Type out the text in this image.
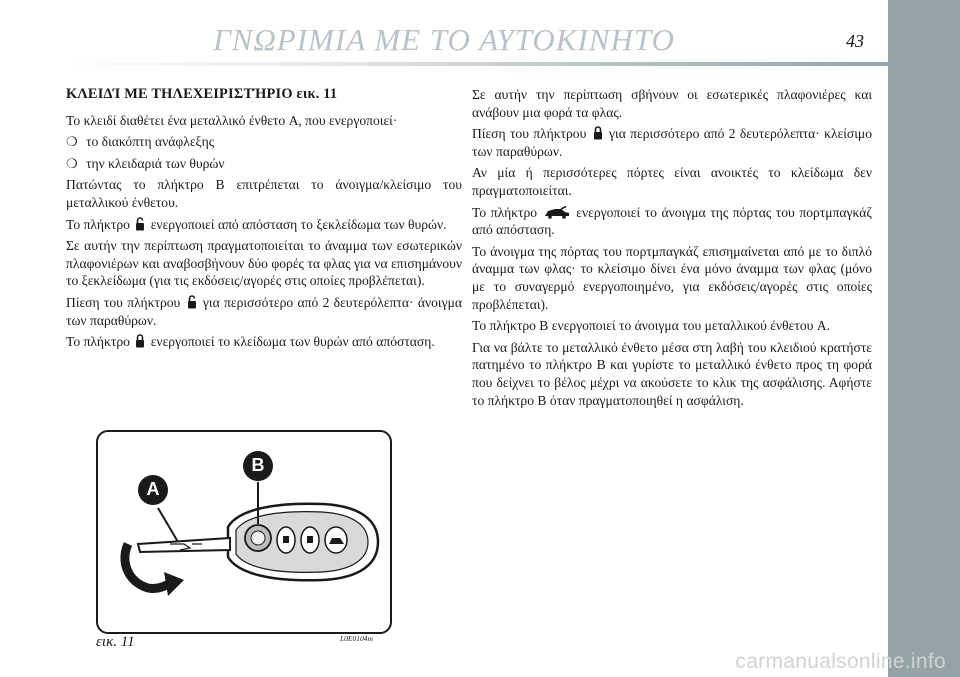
ΓΝΩΡΙΜΙΑ ΜΕ ΤΟ ΑΥΤΟΚΙΝΗΤΟ	43
ΚΛΕΙΔΊ ΜΕ ΤΗΛΕΧΕΙΡΙΣΤΉΡΙΟ εικ. 11

Το κλειδί διαθέτει ένα μεταλλικό ένθετο A, που ενεργοποιεί·

❍ το διακόπτη ανάφλεξης
❍ την κλειδαριά των θυρών

Πατώντας το πλήκτρο B επιτρέπεται το άνοιγμα/κλείσιμο του μεταλλικού ένθετου.

Το πλήκτρο ενεργοποιεί από απόσταση το ξεκλείδωμα των θυρών.

Σε αυτήν την περίπτωση πραγματοποιείται το άναμμα των εσωτερικών πλαφονιέρων και αναβοσβήνουν δύο φορές τα φλας για να επισημάνουν το ξεκλείδωμα (για τις εκδόσεις/αγορές στις οποίες προβλέπεται).

Πίεση του πλήκτρου για περισσότερο από 2 δευτερόλεπτα· άνοιγμα των παραθύρων.

Το πλήκτρο ενεργοποιεί το κλείδωμα των θυρών από απόσταση.

Σε αυτήν την περίπτωση σβήνουν οι εσωτερικές πλαφονιέρες και ανάβουν μια φορά τα φλας.

Πίεση του πλήκτρου για περισσότερο από 2 δευτερόλεπτα· κλείσιμο των παραθύρων.

Αν μία ή περισσότερες πόρτες είναι ανοικτές το κλείδωμα δεν πραγματοποιείται.

Το πλήκτρο	ενεργοποιεί το άνοιγμα της πόρτας του πορτμπαγκάζ από απόσταση.

Το άνοιγμα της πόρτας του πορτμπαγκάζ επισημαίνεται από με το διπλό άναμμα των φλας· το κλείσιμο δίνει ένα μόνο άναμμα των φλας (μόνο με το συναγερμό ενεργοποιημένο, για εκδόσεις/αγορές στις οποίες προβλέπεται).

Το πλήκτρο B ενεργοποιεί το άνοιγμα του μεταλλικού ένθετου A.

Για να βάλτε το μεταλλικό ένθετο μέσα στη λαβή του κλειδιού κρατήστε πατημένο το πλήκτρο B και γυρίστε το μεταλλικό ένθετο προς τη φορά που δείχνει το βέλος μέχρι να ακούσετε το κλικ της ασφάλισης. Αφήστε το πλήκτρο B όταν πραγματοποιηθεί η ασφάλιση.

A
B
εικ. 11	L0E0104m
carmanualsonline.info
